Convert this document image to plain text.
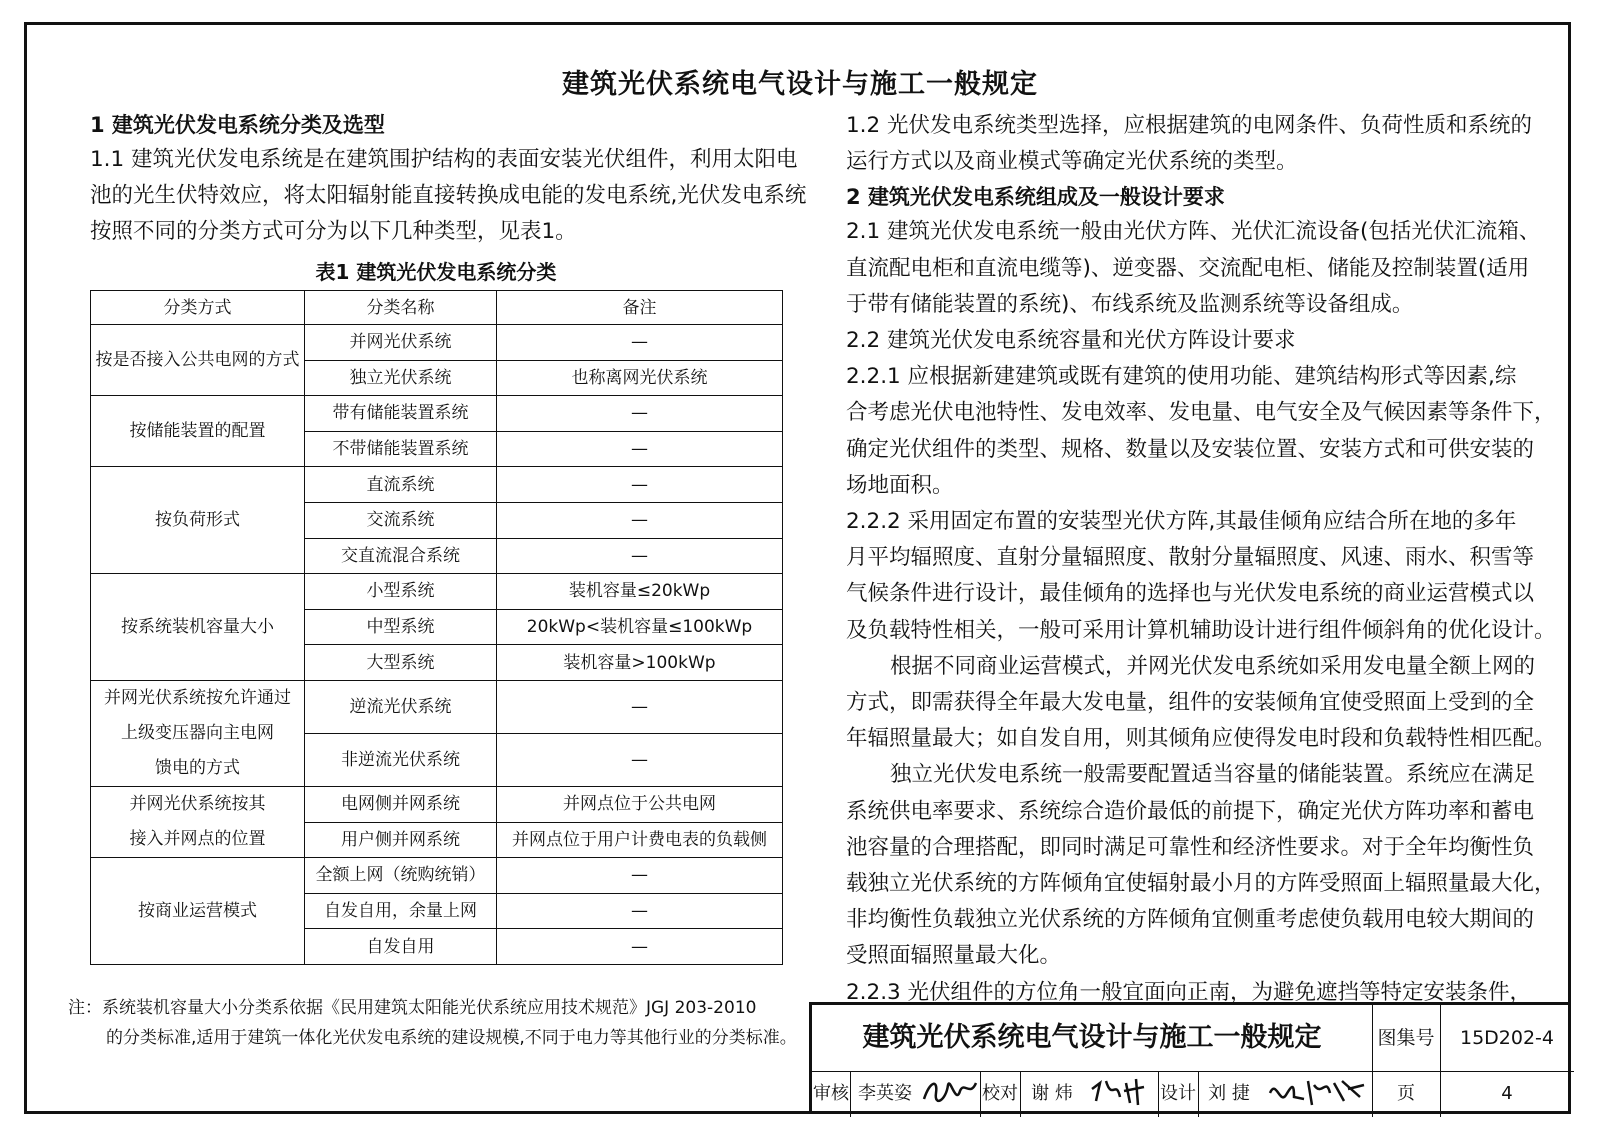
建筑光伏系统电气设计与施工一般规定
1 建筑光伏发电系统分类及选型
1.1 建筑光伏发电系统是在建筑围护结构的表面安装光伏组件，利用太阳电
池的光生伏特效应，将太阳辐射能直接转换成电能的发电系统,光伏发电系统
按照不同的分类方式可分为以下几种类型，见表1。
表1 建筑光伏发电系统分类
分类方式	分类名称	备注
按是否接入公共电网的方式	并网光伏系统	—
	独立光伏系统	也称离网光伏系统
按储能装置的配置	带有储能装置系统	—
	不带储能装置系统	—
按负荷形式	直流系统	—
	交流系统	—
	交直流混合系统	—
按系统装机容量大小	小型系统	装机容量≤20kWp
	中型系统	20kWp<装机容量≤100kWp
	大型系统	装机容量>100kWp

并网光伏系统按允许通过
上级变压器向主电网
馈电的方式	逆流光伏系统	—
	非逆流光伏系统	—

并网光伏系统按其
接入并网点的位置	电网侧并网系统	并网点位于公共电网
	用户侧并网系统	并网点位于用户计费电表的负载侧
按商业运营模式	全额上网（统购统销）	—
	自发自用，余量上网	—
	自发自用	—
注：系统装机容量大小分类系依据《民用建筑太阳能光伏系统应用技术规范》JGJ 203-2010
的分类标准,适用于建筑一体化光伏发电系统的建设规模,不同于电力等其他行业的分类标准。
1.2 光伏发电系统类型选择，应根据建筑的电网条件、负荷性质和系统的
运行方式以及商业模式等确定光伏系统的类型。
2 建筑光伏发电系统组成及一般设计要求
2.1 建筑光伏发电系统一般由光伏方阵、光伏汇流设备(包括光伏汇流箱、
直流配电柜和直流电缆等)、逆变器、交流配电柜、储能及控制装置(适用
于带有储能装置的系统)、布线系统及监测系统等设备组成。
2.2 建筑光伏发电系统容量和光伏方阵设计要求
2.2.1 应根据新建建筑或既有建筑的使用功能、建筑结构形式等因素,综
合考虑光伏电池特性、发电效率、发电量、电气安全及气候因素等条件下，
确定光伏组件的类型、规格、数量以及安装位置、安装方式和可供安装的
场地面积。
2.2.2 采用固定布置的安装型光伏方阵,其最佳倾角应结合所在地的多年
月平均辐照度、直射分量辐照度、散射分量辐照度、风速、雨水、积雪等
气候条件进行设计，最佳倾角的选择也与光伏发电系统的商业运营模式以
及负载特性相关，一般可采用计算机辅助设计进行组件倾斜角的优化设计。
根据不同商业运营模式，并网光伏发电系统如采用发电量全额上网的
方式，即需获得全年最大发电量，组件的安装倾角宜使受照面上受到的全
年辐照量最大；如自发自用，则其倾角应使得发电时段和负载特性相匹配。
独立光伏发电系统一般需要配置适当容量的储能装置。系统应在满足
系统供电率要求、系统综合造价最低的前提下，确定光伏方阵功率和蓄电
池容量的合理搭配，即同时满足可靠性和经济性要求。对于全年均衡性负
载独立光伏系统的方阵倾角宜使辐射最小月的方阵受照面上辐照量最大化，
非均衡性负载独立光伏系统的方阵倾角宜侧重考虑使负载用电较大期间的
受照面辐照量最大化。
2.2.3 光伏组件的方位角一般宜面向正南，为避免遮挡等特定安装条件，
建筑光伏系统电气设计与施工一般规定	图集号	15D202-4
审核 李英姿	校对 谢 炜	设计 刘 捷	页	4
